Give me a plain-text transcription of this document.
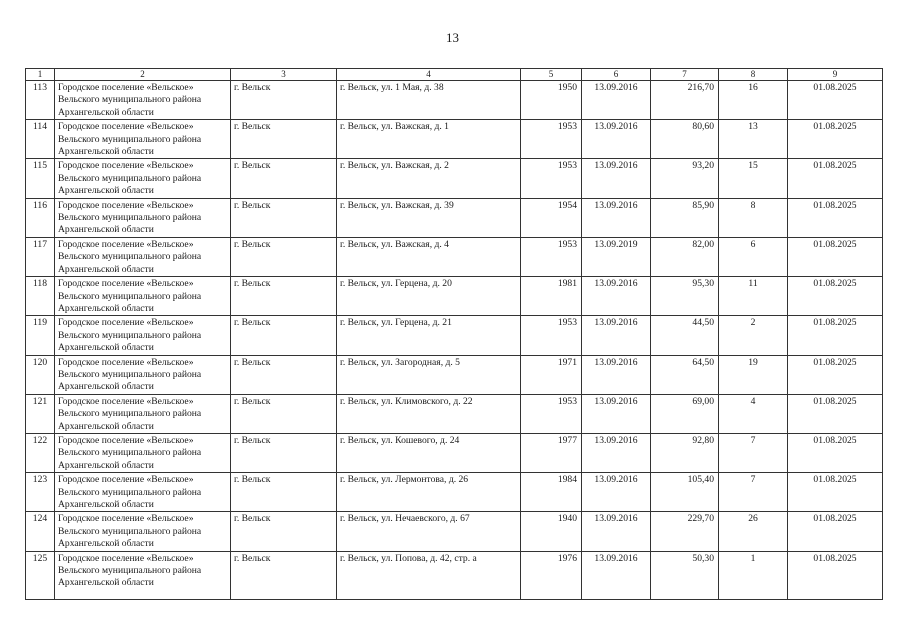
13
1	2	3	4	5	6	7	8	9
113	Городское поселение «Вельское» Вельского муниципального района Архангельской области	г. Вельск	г. Вельск, ул. 1 Мая, д. 38	1950	13.09.2016	216,70	16	01.08.2025
114	Городское поселение «Вельское» Вельского муниципального района Архангельской области	г. Вельск	г. Вельск, ул. Важская, д. 1	1953	13.09.2016	80,60	13	01.08.2025
115	Городское поселение «Вельское» Вельского муниципального района Архангельской области	г. Вельск	г. Вельск, ул. Важская, д. 2	1953	13.09.2016	93,20	15	01.08.2025
116	Городское поселение «Вельское» Вельского муниципального района Архангельской области	г. Вельск	г. Вельск, ул. Важская, д. 39	1954	13.09.2016	85,90	8	01.08.2025
117	Городское поселение «Вельское» Вельского муниципального района Архангельской области	г. Вельск	г. Вельск, ул. Важская, д. 4	1953	13.09.2019	82,00	6	01.08.2025
118	Городское поселение «Вельское» Вельского муниципального района Архангельской области	г. Вельск	г. Вельск, ул. Герцена, д. 20	1981	13.09.2016	95,30	11	01.08.2025
119	Городское поселение «Вельское» Вельского муниципального района Архангельской области	г. Вельск	г. Вельск, ул. Герцена, д. 21	1953	13.09.2016	44,50	2	01.08.2025
120	Городское поселение «Вельское» Вельского муниципального района Архангельской области	г. Вельск	г. Вельск, ул. Загородная, д. 5	1971	13.09.2016	64,50	19	01.08.2025
121	Городское поселение «Вельское» Вельского муниципального района Архангельской области	г. Вельск	г. Вельск, ул. Климовского, д. 22	1953	13.09.2016	69,00	4	01.08.2025
122	Городское поселение «Вельское» Вельского муниципального района Архангельской области	г. Вельск	г. Вельск, ул. Кошевого, д. 24	1977	13.09.2016	92,80	7	01.08.2025
123	Городское поселение «Вельское» Вельского муниципального района Архангельской области	г. Вельск	г. Вельск, ул. Лермонтова, д. 26	1984	13.09.2016	105,40	7	01.08.2025
124	Городское поселение «Вельское» Вельского муниципального района Архангельской области	г. Вельск	г. Вельск, ул. Нечаевского, д. 67	1940	13.09.2016	229,70	26	01.08.2025
125	Городское поселение «Вельское» Вельского муниципального района Архангельской области	г. Вельск	г. Вельск, ул. Попова, д. 42, стр. а	1976	13.09.2016	50,30	1	01.08.2025
